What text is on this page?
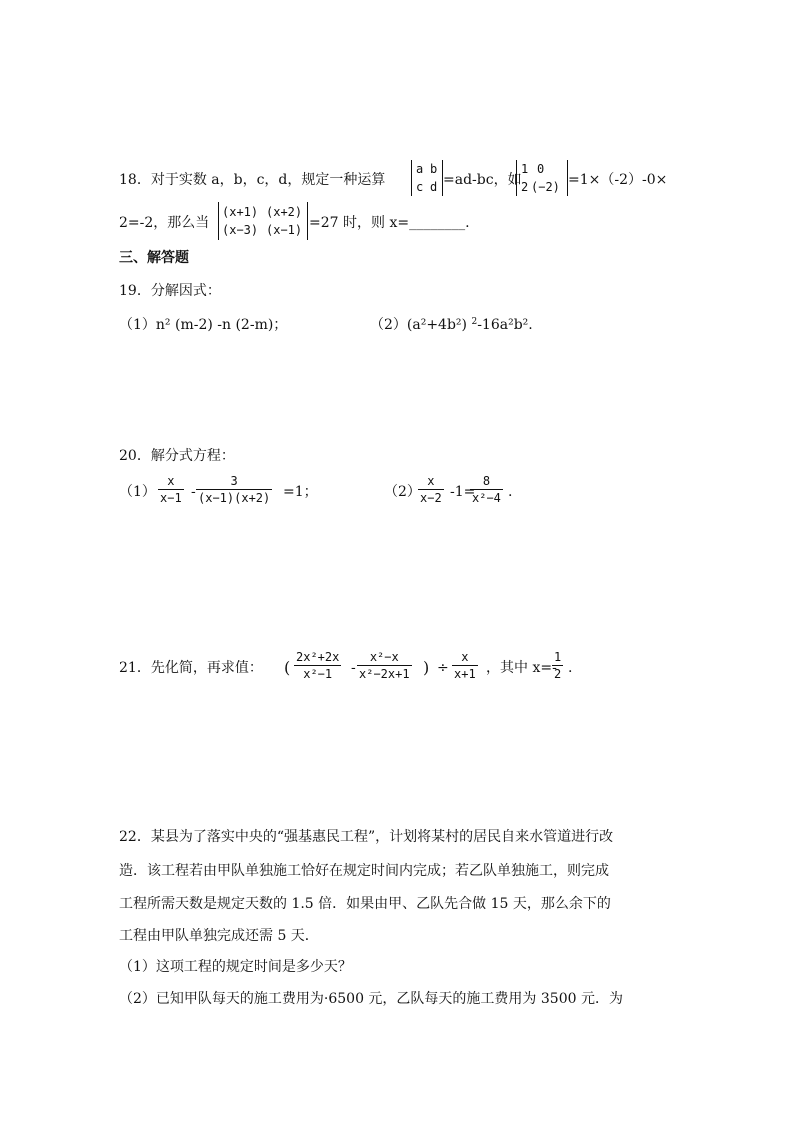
18．对于实数 a，b，c，d，规定一种运算
a b
c d =ad-bc，如
1 0
2 (−2) =1×（-2）-0×
2=-2，那么当
(x+1) (x+2)
(x−3) (x−1) =27 时，则 x=________.
三、解答题
19．分解因式：
（1）n² (m-2) -n (2-m)；	（2）(a²+4b²) $^2$-16a²b².
20．解分式方程：
（1）
x
x−1 -
3
(x−1)(x+2) =1；	（2）
x
x−2 -1=
8
x²−4 .
21．先化简，再求值： (
2x²+2x
x²−1	-
x²−x
x²−2x+1 ) ÷
x
x+1 ，其中 x=-
1
2 .
22．某县为了落实中央的“强基惠民工程”，计划将某村的居民自来水管道进行改
造．该工程若由甲队单独施工恰好在规定时间内完成；若乙队单独施工，则完成
工程所需天数是规定天数的 1.5 倍．如果由甲、乙队先合做 15 天，那么余下的
工程由甲队单独完成还需 5 天．
（1）这项工程的规定时间是多少天？
（2）已知甲队每天的施工费用为·6500 元，乙队每天的施工费用为 3500 元．为
